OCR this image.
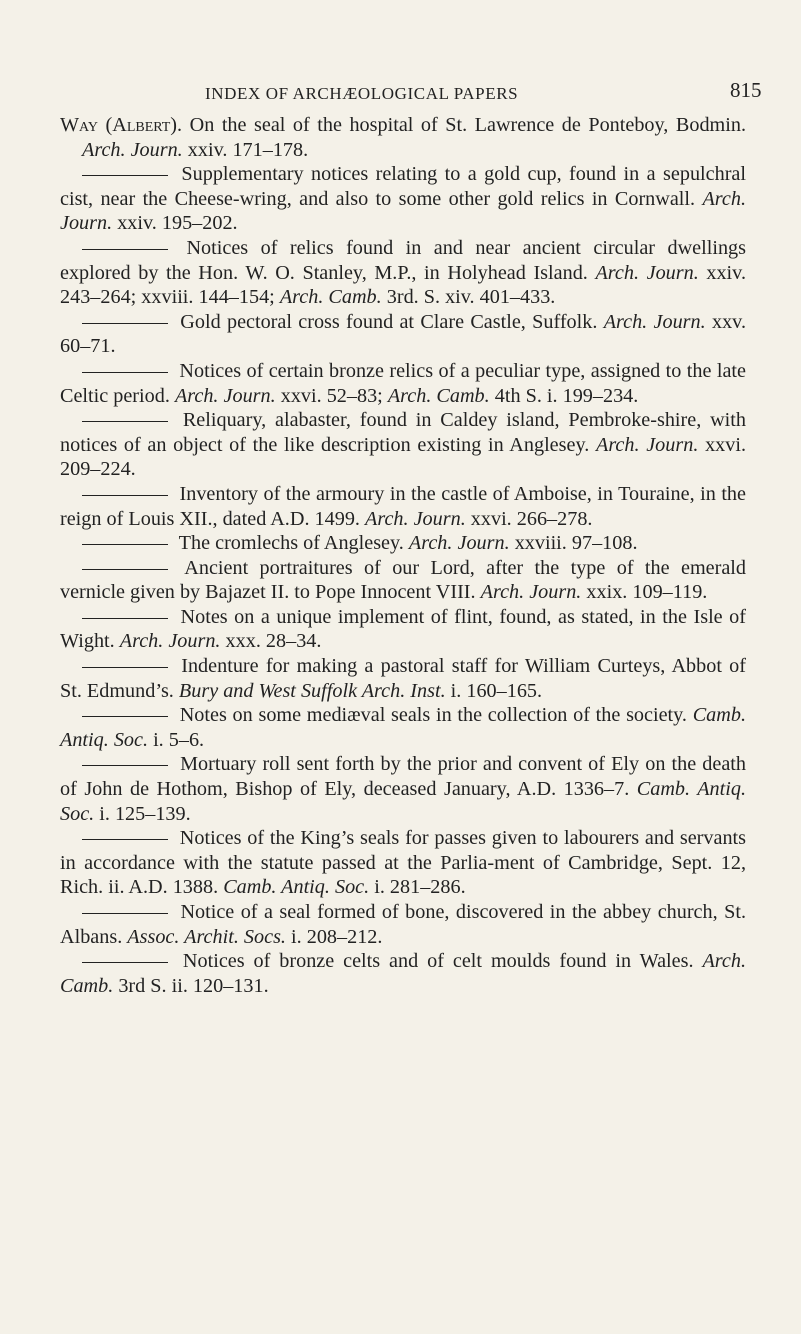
INDEX OF ARCHÆOLOGICAL PAPERS	815

Way (Albert). On the seal of the hospital of St. Lawrence de Ponteboy, Bodmin. Arch. Journ. xxiv. 171–178.

Supplementary notices relating to a gold cup, found in a sepulchral cist, near the Cheese-wring, and also to some other gold relics in Cornwall. Arch. Journ. xxiv. 195–202.

Notices of relics found in and near ancient circular dwellings explored by the Hon. W. O. Stanley, M.P., in Holyhead Island. Arch. Journ. xxiv. 243–264; xxviii. 144–154; Arch. Camb. 3rd. S. xiv. 401–433.

Gold pectoral cross found at Clare Castle, Suffolk. Arch. Journ. xxv. 60–71.

Notices of certain bronze relics of a peculiar type, assigned to the late Celtic period. Arch. Journ. xxvi. 52–83; Arch. Camb. 4th S. i. 199–234.

Reliquary, alabaster, found in Caldey island, Pembroke-shire, with notices of an object of the like description existing in Anglesey. Arch. Journ. xxvi. 209–224.

Inventory of the armoury in the castle of Amboise, in Touraine, in the reign of Louis XII., dated A.D. 1499. Arch. Journ. xxvi. 266–278.

The cromlechs of Anglesey. Arch. Journ. xxviii. 97–108.

Ancient portraitures of our Lord, after the type of the emerald vernicle given by Bajazet II. to Pope Innocent VIII. Arch. Journ. xxix. 109–119.

Notes on a unique implement of flint, found, as stated, in the Isle of Wight. Arch. Journ. xxx. 28–34.

Indenture for making a pastoral staff for William Curteys, Abbot of St. Edmund’s. Bury and West Suffolk Arch. Inst. i. 160–165.

Notes on some mediæval seals in the collection of the society. Camb. Antiq. Soc. i. 5–6.

Mortuary roll sent forth by the prior and convent of Ely on the death of John de Hothom, Bishop of Ely, deceased January, A.D. 1336–7. Camb. Antiq. Soc. i. 125–139.

Notices of the King’s seals for passes given to labourers and servants in accordance with the statute passed at the Parlia-ment of Cambridge, Sept. 12, Rich. ii. A.D. 1388. Camb. Antiq. Soc. i. 281–286.

Notice of a seal formed of bone, discovered in the abbey church, St. Albans. Assoc. Archit. Socs. i. 208–212.

Notices of bronze celts and of celt moulds found in Wales. Arch. Camb. 3rd S. ii. 120–131.
